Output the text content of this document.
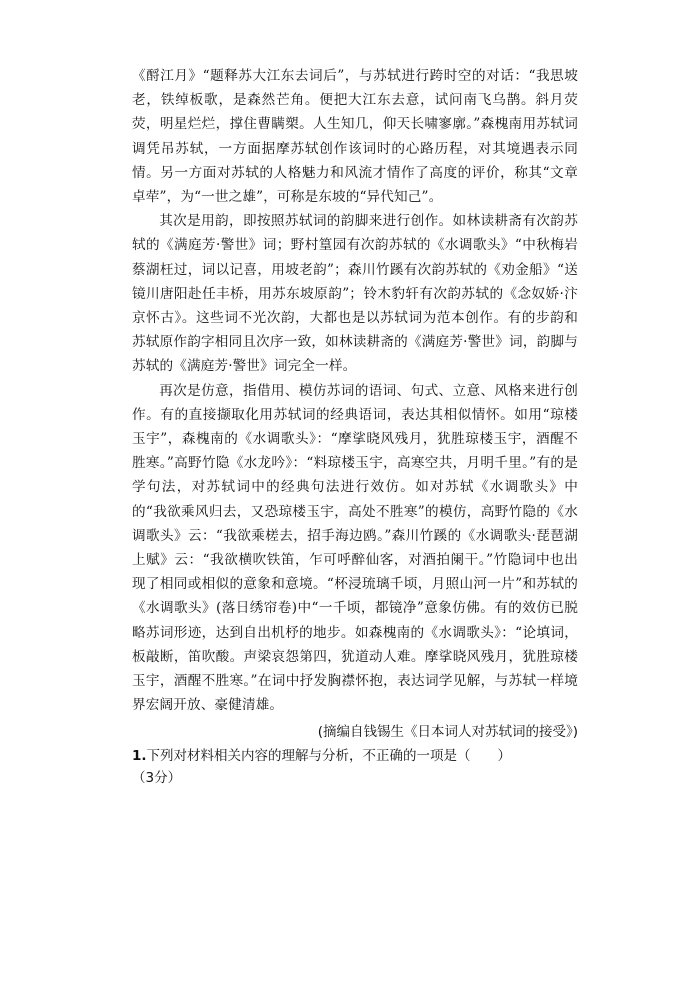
《酹江月》“题释苏大江东去词后”，与苏轼进行跨时空的对话：“我思坡老，铁绰板歌，是森然芒角。便把大江东去意，试问南飞乌鹊。斜月荧荧，明星烂烂，撑住曹瞒槊。人生知几，仰天长啸寥廓。”森槐南用苏轼词调凭吊苏轼，一方面据摩苏轼创作该词时的心路历程，对其境遇表示同情。另一方面对苏轼的人格魅力和风流才情作了高度的评价，称其“文章卓荦”，为“一世之雄”，可称是东坡的“异代知己”。

其次是用韵，即按照苏轼词的韵脚来进行创作。如林读耕斋有次韵苏轼的《满庭芳·警世》词；野村篁园有次韵苏轼的《水调歌头》“中秋梅岩蔡湖枉过，词以记喜，用坡老韵”；森川竹蹊有次韵苏轼的《劝金船》“送镜川唐阳赴任丰桥，用苏东坡原韵”；铃木豹轩有次韵苏轼的《念奴娇·汴京怀古》。这些词不光次韵，大都也是以苏轼词为范本创作。有的步韵和苏轼原作韵字相同且次序一致，如林读耕斋的《满庭芳·警世》词，韵脚与苏轼的《满庭芳·警世》词完全一样。

再次是仿意，指借用、模仿苏词的语词、句式、立意、风格来进行创作。有的直接撷取化用苏轼词的经典语词，表达其相似情怀。如用“琼楼玉宇”，森槐南的《水调歌头》：“摩挲晓风残月，犹胜琼楼玉宇，酒醒不胜寒。”高野竹隐《水龙吟》：“料琼楼玉宇，高寒空共，月明千里。”有的是学句法，对苏轼词中的经典句法进行效仿。如对苏轼《水调歌头》中的“我欲乘风归去，又恐琼楼玉宇，高处不胜寒”的模仿，高野竹隐的《水调歌头》云：“我欲乘槎去，招手海边鸥。”森川竹蹊的《水调歌头·琵琶湖上赋》云：“我欲横吹铁笛，乍可呼醉仙客，对酒拍阑干。”竹隐词中也出现了相同或相似的意象和意境。“杯浸琉璃千顷，月照山河一片”和苏轼的《水调歌头》(落日绣帘卷)中“一千顷，都镜净”意象仿佛。有的效仿已脱略苏词形迹，达到自出机杼的地步。如森槐南的《水调歌头》：“论填词，板敲断，笛吹酸。声梁哀怨第四，犹道动人难。摩挲晓风残月，犹胜琼楼玉宇，酒醒不胜寒。”在词中抒发胸襟怀抱，表达词学见解，与苏轼一样境界宏阔开放、豪健清雄。

(摘编自钱锡生《日本词人对苏轼词的接受》)

1.下列对材料相关内容的理解与分析，不正确的一项是（　　）
（3分）
